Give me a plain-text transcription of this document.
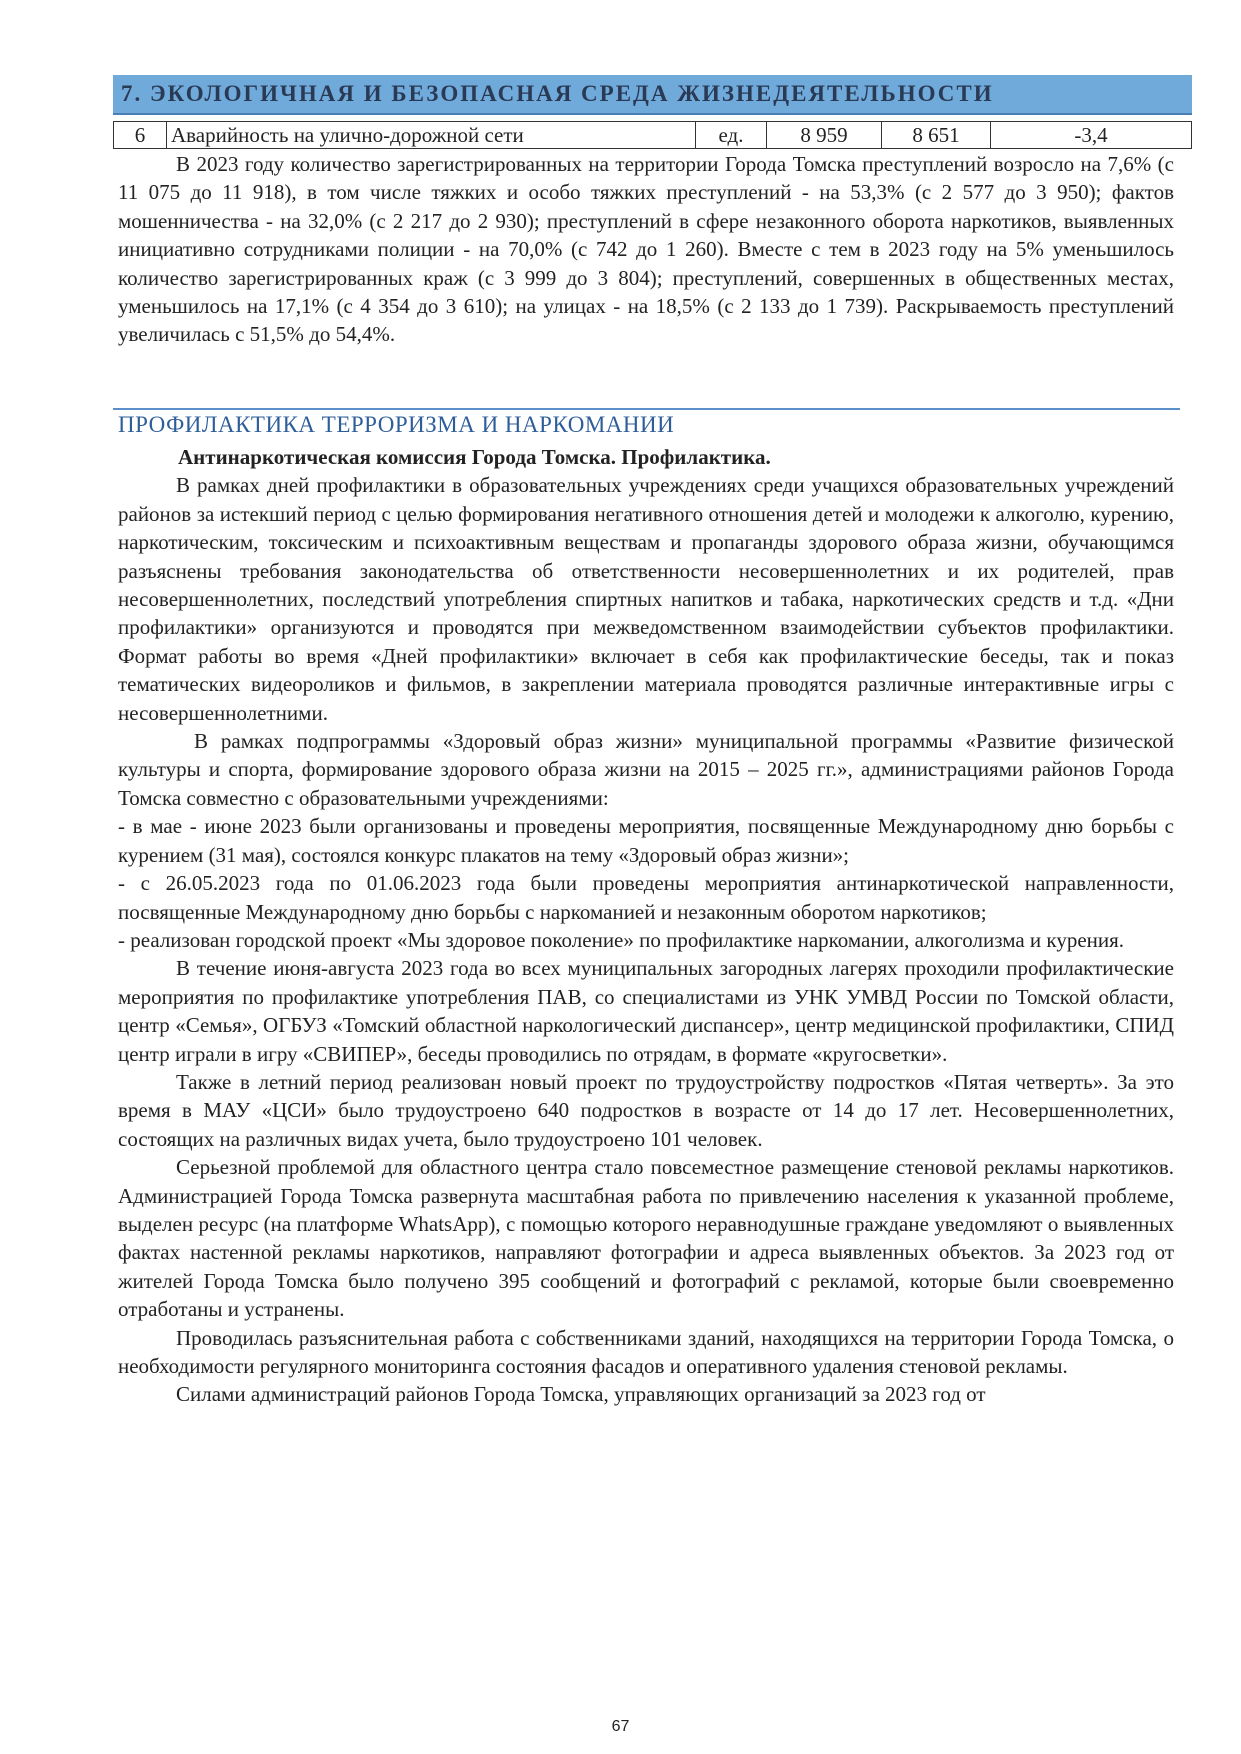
7. ЭКОЛОГИЧНАЯ И БЕЗОПАСНАЯ СРЕДА ЖИЗНЕДЕЯТЕЛЬНОСТИ
6	Аварийность на улично-дорожной сети	ед.	8 959	8 651	-3,4

В 2023 году количество зарегистрированных на территории Города Томска преступлений возросло на 7,6% (с 11 075 до 11 918), в том числе тяжких и особо тяжких преступлений - на 53,3% (с 2 577 до 3 950); фактов мошенничества - на 32,0% (с 2 217 до 2 930); преступлений в сфере незаконного оборота наркотиков, выявленных инициативно сотрудниками полиции - на 70,0% (с 742 до 1 260). Вместе с тем в 2023 году на 5% уменьшилось количество зарегистрированных краж (с 3 999 до 3 804); преступлений, совершенных в общественных местах, уменьшилось на 17,1% (с 4 354 до 3 610); на улицах - на 18,5% (с 2 133 до 1 739). Раскрываемость преступлений увеличилась с 51,5% до 54,4%.

ПРОФИЛАКТИКА ТЕРРОРИЗМА И НАРКОМАНИИ

Антинаркотическая комиссия Города Томска. Профилактика.

В рамках дней профилактики в образовательных учреждениях среди учащихся образовательных учреждений районов за истекший период с целью формирования негативного отношения детей и молодежи к алкоголю, курению, наркотическим, токсическим и психоактивным веществам и пропаганды здорового образа жизни, обучающимся разъяснены требования законодательства об ответственности несовершеннолетних и их родителей, прав несовершеннолетних, последствий употребления спиртных напитков и табака, наркотических средств и т.д. «Дни профилактики» организуются и проводятся при межведомственном взаимодействии субъектов профилактики. Формат работы во время «Дней профилактики» включает в себя как профилактические беседы, так и показ тематических видеороликов и фильмов, в закреплении материала проводятся различные интерактивные игры с несовершеннолетними.

В рамках подпрограммы «Здоровый образ жизни» муниципальной программы «Развитие физической культуры и спорта, формирование здорового образа жизни на 2015 – 2025 гг.», администрациями районов Города Томска совместно с образовательными учреждениями:

- в мае - июне 2023 были организованы и проведены мероприятия, посвященные Международному дню борьбы с курением (31 мая), состоялся конкурс плакатов на тему «Здоровый образ жизни»;

- с 26.05.2023 года по 01.06.2023 года были проведены мероприятия антинаркотической направленности, посвященные Международному дню борьбы с наркоманией и незаконным оборотом наркотиков;

- реализован городской проект «Мы здоровое поколение» по профилактике наркомании, алкоголизма и курения.

В течение июня-августа 2023 года во всех муниципальных загородных лагерях проходили профилактические мероприятия по профилактике употребления ПАВ, со специалистами из УНК УМВД России по Томской области, центр «Семья», ОГБУЗ «Томский областной наркологический диспансер», центр медицинской профилактики, СПИД центр играли в игру «СВИПЕР», беседы проводились по отрядам, в формате «кругосветки».

Также в летний период реализован новый проект по трудоустройству подростков «Пятая четверть». За это время в МАУ «ЦСИ» было трудоустроено 640 подростков в возрасте от 14 до 17 лет. Несовершеннолетних, состоящих на различных видах учета, было трудоустроено 101 человек.

Серьезной проблемой для областного центра стало повсеместное размещение стеновой рекламы наркотиков. Администрацией Города Томска развернута масштабная работа по привлечению населения к указанной проблеме, выделен ресурс (на платформе WhatsApp), с помощью которого неравнодушные граждане уведомляют о выявленных фактах настенной рекламы наркотиков, направляют фотографии и адреса выявленных объектов. За 2023 год от жителей Города Томска было получено 395 сообщений и фотографий с рекламой, которые были своевременно отработаны и устранены.

Проводилась разъяснительная работа с собственниками зданий, находящихся на территории Города Томска, о необходимости регулярного мониторинга состояния фасадов и оперативного удаления стеновой рекламы.

Силами администраций районов Города Томска, управляющих организаций за 2023 год от

67
